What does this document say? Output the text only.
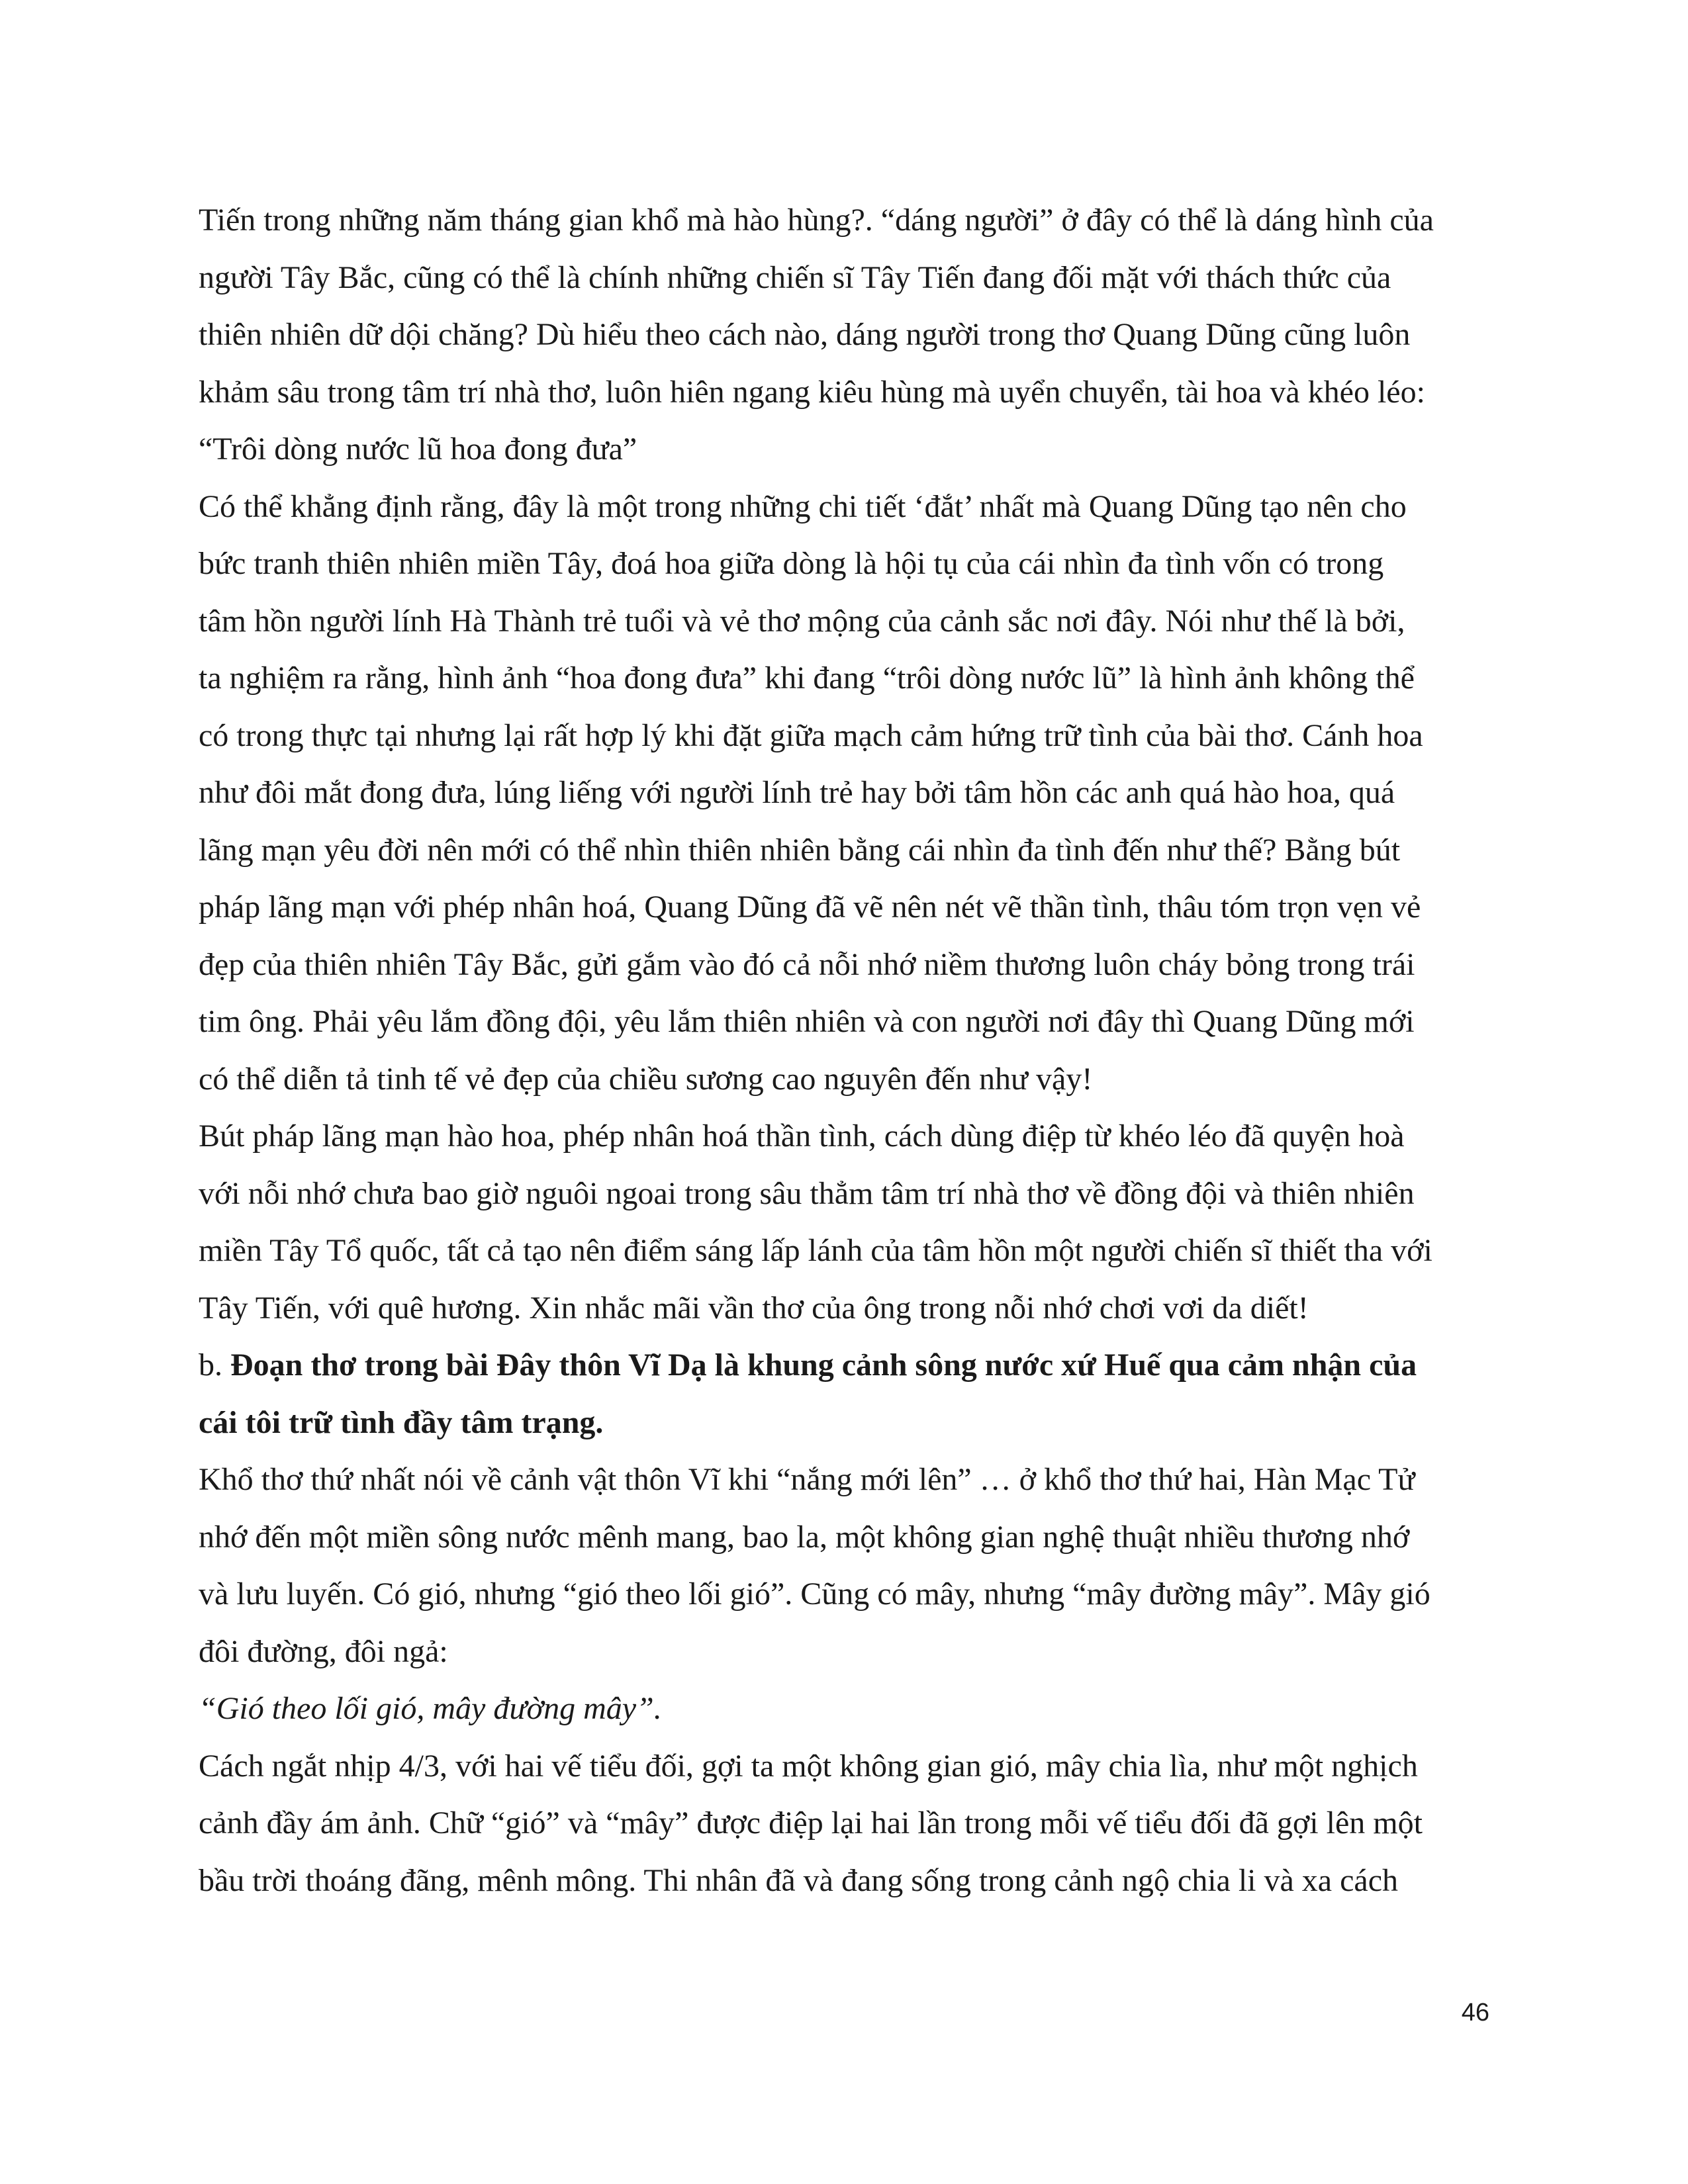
Tiến trong những năm tháng gian khổ mà hào hùng?. “dáng người” ở đây có thể là dáng hình của
người Tây Bắc, cũng có thể là chính những chiến sĩ Tây Tiến đang đối mặt với thách thức của
thiên nhiên dữ dội chăng? Dù hiểu theo cách nào, dáng người trong thơ Quang Dũng cũng luôn
khảm sâu trong tâm trí nhà thơ, luôn hiên ngang kiêu hùng mà uyển chuyển, tài hoa và khéo léo:
“Trôi dòng nước lũ hoa đong đưa”
Có thể khẳng định rằng, đây là một trong những chi tiết ‘đắt’ nhất mà Quang Dũng tạo nên cho
bức tranh thiên nhiên miền Tây, đoá hoa giữa dòng là hội tụ của cái nhìn đa tình vốn có trong
tâm hồn người lính Hà Thành trẻ tuổi và vẻ thơ mộng của cảnh sắc nơi đây. Nói như thế là bởi,
ta nghiệm ra rằng, hình ảnh “hoa đong đưa” khi đang “trôi dòng nước lũ” là hình ảnh không thể
có trong thực tại nhưng lại rất hợp lý khi đặt giữa mạch cảm hứng trữ tình của bài thơ. Cánh hoa
như đôi mắt đong đưa, lúng liếng với người lính trẻ hay bởi tâm hồn các anh quá hào hoa, quá
lãng mạn yêu đời nên mới có thể nhìn thiên nhiên bằng cái nhìn đa tình đến như thế? Bằng bút
pháp lãng mạn với phép nhân hoá, Quang Dũng đã vẽ nên nét vẽ thần tình, thâu tóm trọn vẹn vẻ
đẹp của thiên nhiên Tây Bắc, gửi gắm vào đó cả nỗi nhớ niềm thương luôn cháy bỏng trong trái
tim ông. Phải yêu lắm đồng đội, yêu lắm thiên nhiên và con người nơi đây thì Quang Dũng mới
có thể diễn tả tinh tế vẻ đẹp của chiều sương cao nguyên đến như vậy!
Bút pháp lãng mạn hào hoa, phép nhân hoá thần tình, cách dùng điệp từ khéo léo đã quyện hoà
với nỗi nhớ chưa bao giờ nguôi ngoai trong sâu thẳm tâm trí nhà thơ về đồng đội và thiên nhiên
miền Tây Tổ quốc, tất cả tạo nên điểm sáng lấp lánh của tâm hồn một người chiến sĩ thiết tha với
Tây Tiến, với quê hương. Xin nhắc mãi vần thơ của ông trong nỗi nhớ chơi vơi da diết!
b. Đoạn thơ trong bài Đây thôn Vĩ Dạ là khung cảnh sông nước xứ Huế qua cảm nhận của
cái tôi trữ tình đầy tâm trạng.
Khổ thơ thứ nhất nói về cảnh vật thôn Vĩ khi “nắng mới lên” … ở khổ thơ thứ hai, Hàn Mạc Tử
nhớ đến một miền sông nước mênh mang, bao la, một không gian nghệ thuật nhiều thương nhớ
và lưu luyến. Có gió, nhưng “gió theo lối gió”. Cũng có mây, nhưng “mây đường mây”. Mây gió
đôi đường, đôi ngả:
“Gió theo lối gió, mây đường mây”.
Cách ngắt nhịp 4/3, với hai vế tiểu đối, gợi ta một không gian gió, mây chia lìa, như một nghịch
cảnh đầy ám ảnh. Chữ “gió” và “mây” được điệp lại hai lần trong mỗi vế tiểu đối đã gợi lên một
bầu trời thoáng đãng, mênh mông. Thi nhân đã và đang sống trong cảnh ngộ chia li và xa cách
46
